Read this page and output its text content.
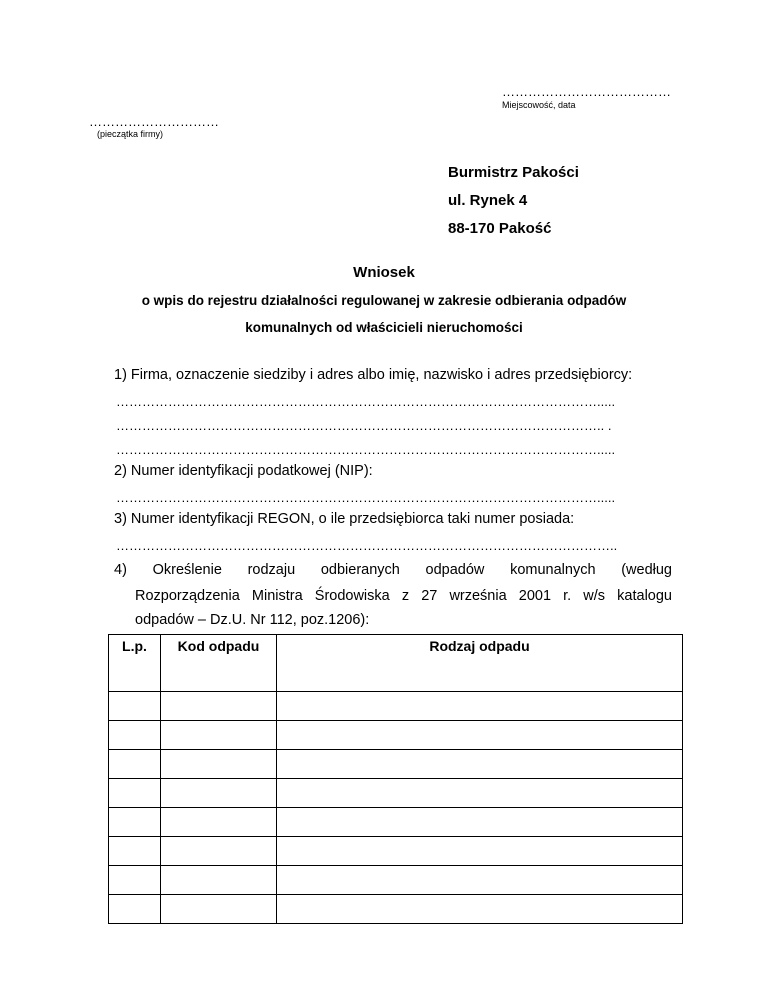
…………………………………
Miejscowość, data
…………………………
(pieczątka firmy)
Burmistrz Pakości
ul. Rynek 4
88-170 Pakość
Wniosek
o wpis do rejestru działalności regulowanej w zakresie odbierania odpadów
komunalnych od właścicieli nieruchomości
1) Firma, oznaczenie siedziby i adres albo imię, nazwisko i adres przedsiębiorcy:
………………………………………………………………………………………………….....
………………………………………………………………………………………………….. .
………………………………………………………………………………………………….....
2) Numer identyfikacji podatkowej (NIP):
………………………………………………………………………………………………….....
3) Numer identyfikacji REGON, o ile przedsiębiorca taki numer posiada:
……………………………………………………………………………………………………..
4) Określenie rodzaju odbieranych odpadów komunalnych (według
Rozporządzenia Ministra Środowiska z 27 września 2001 r. w/s katalogu
odpadów – Dz.U. Nr 112, poz.1206):
L.p.	Kod odpadu	Rodzaj odpadu
